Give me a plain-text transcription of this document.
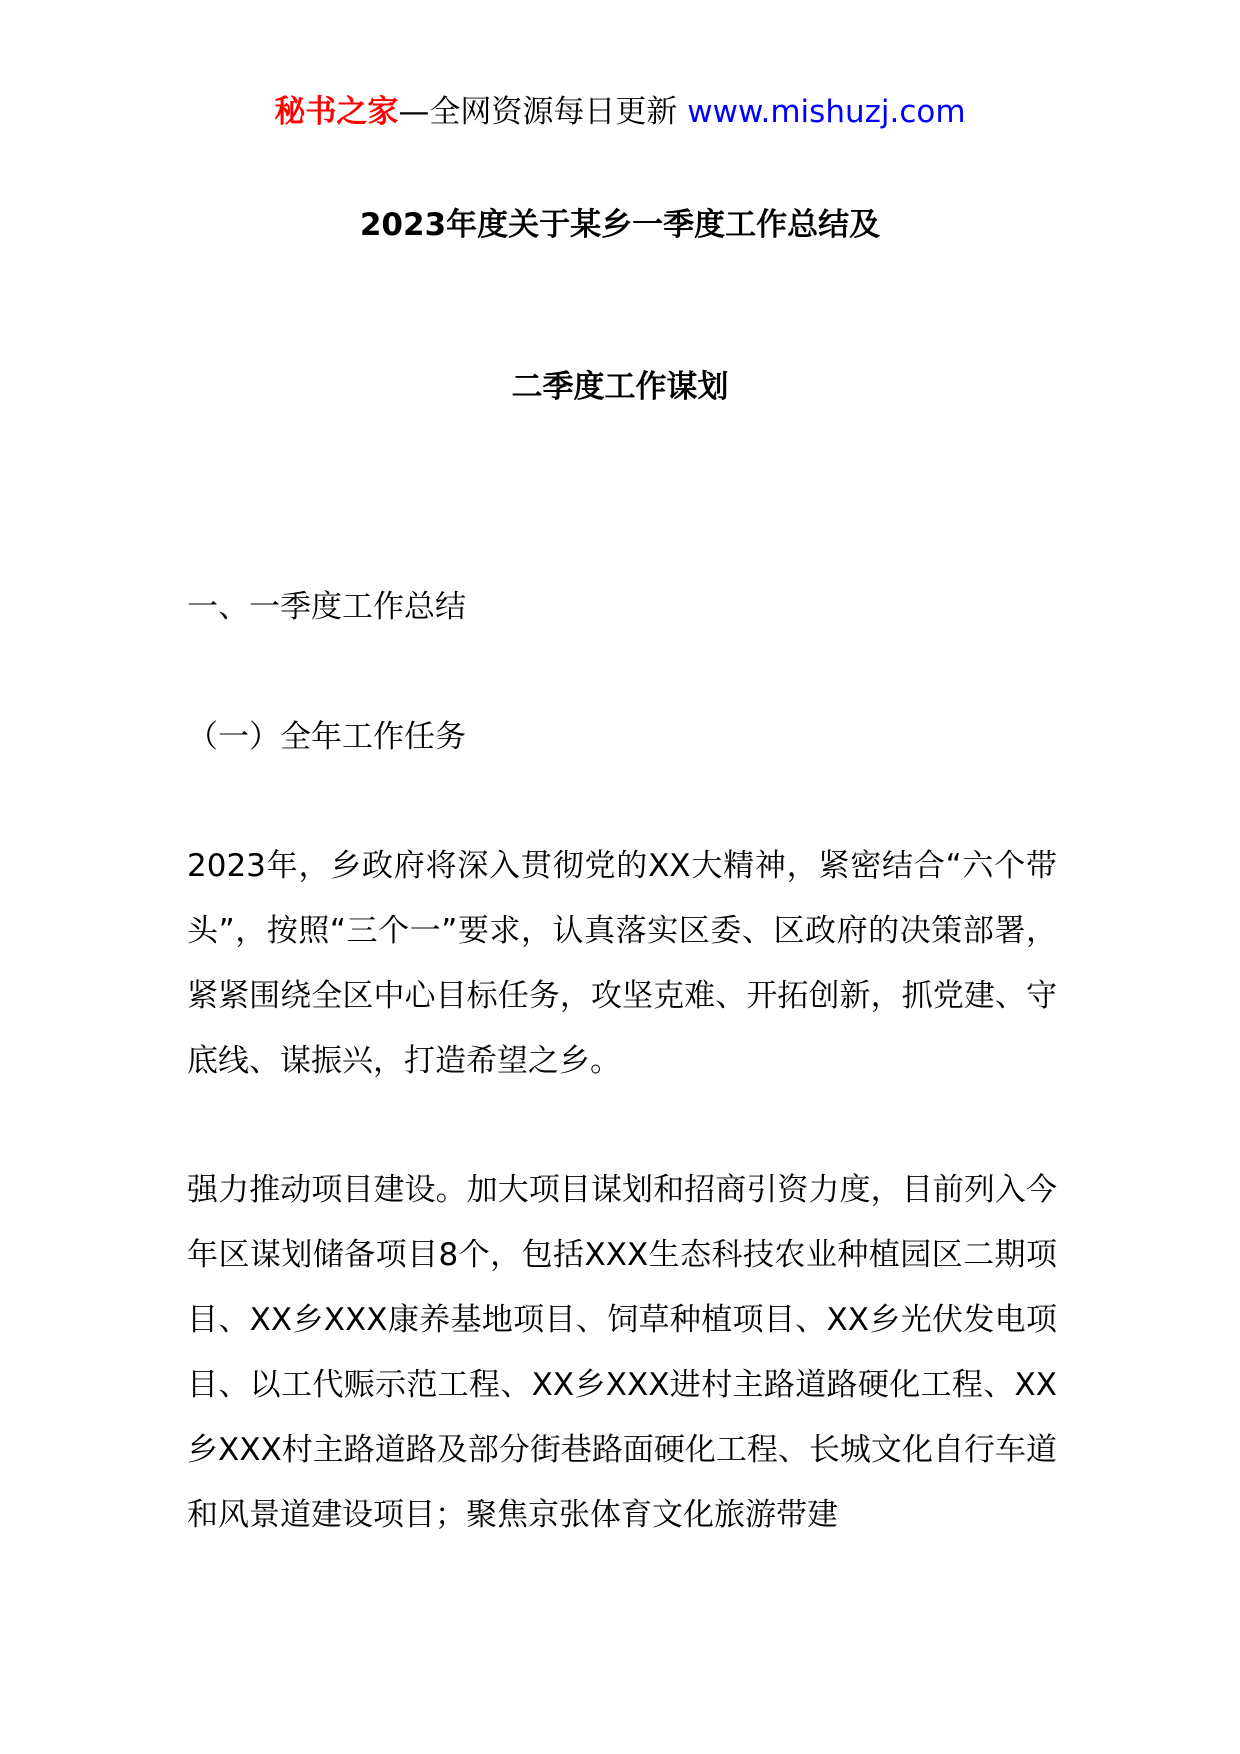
秘书之家—全网资源每日更新 www.mishuzj.com
2023年度关于某乡一季度工作总结及
二季度工作谋划
一、一季度工作总结
（一）全年工作任务

2023年，乡政府将深入贯彻党的XX大精神，紧密结合“六个带头”，按照“三个一”要求，认真落实区委、区政府的决策部署，紧紧围绕全区中心目标任务，攻坚克难、开拓创新，抓党建、守底线、谋振兴，打造希望之乡。

强力推动项目建设。加大项目谋划和招商引资力度，目前列入今年区谋划储备项目8个，包括XXX生态科技农业种植园区二期项目、XX乡XXX康养基地项目、饲草种植项目、XX乡光伏发电项目、以工代赈示范工程、XX乡XXX进村主路道路硬化工程、XX乡XXX村主路道路及部分街巷路面硬化工程、长城文化自行车道和风景道建设项目；聚焦京张体育文化旅游带建
